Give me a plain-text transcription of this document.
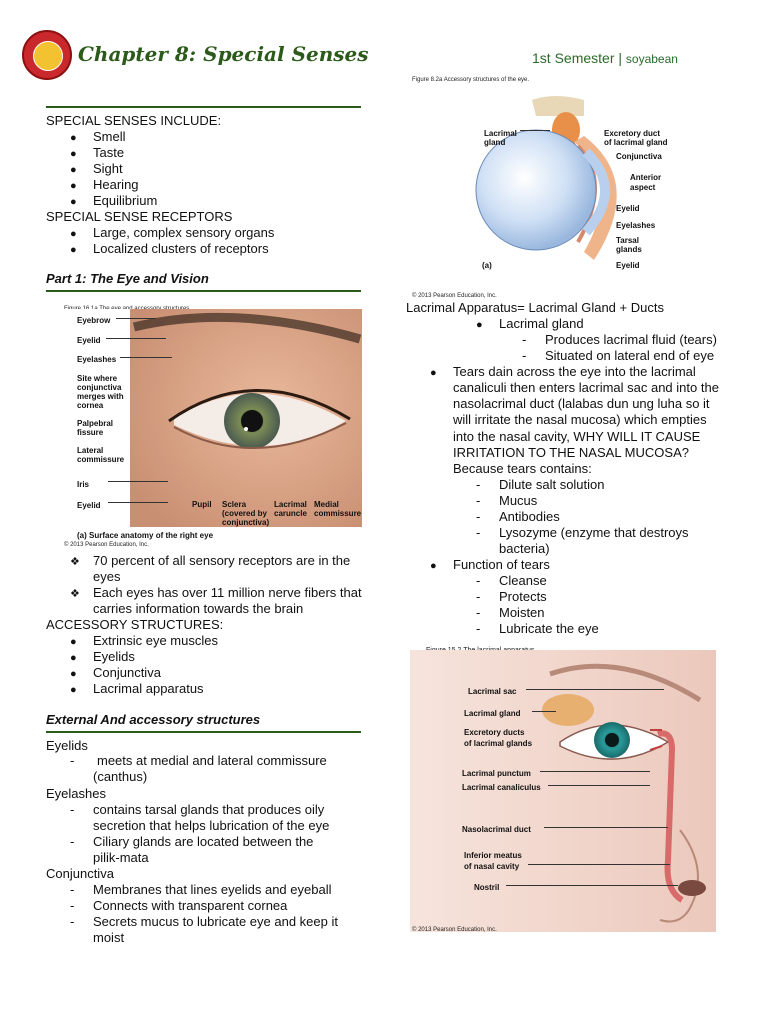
Chapter 8: Special Senses	1st Semester | soyabean
SPECIAL SENSES INCLUDE:
● Smell
● Taste
● Sight
● Hearing
● Equilibrium
SPECIAL SENSE RECEPTORS
● Large, complex sensory organs
● Localized clusters of receptors
Part 1: The Eye and Vision
Eyebrow
Eyelid
Eyelashes
Site where
conjunctiva
merges with
cornea
Palpebral
fissure
Lateral
commissure
Iris
Eyelid	Pupil Sclera
(covered by
conjunctiva)
Lacrimal
caruncle
Medial
commissure
(a) Surface anatomy of the right eye
© 2013 Pearson Education, Inc.
❖ 70 percent of all sensory receptors are in the
eyes
❖ Each eyes has over 11 million nerve fibers that
carries information towards the brain
ACCESSORY STRUCTURES:
● Extrinsic eye muscles
● Eyelids
● Conjunctiva
● Lacrimal apparatus
External And accessory structures
Eyelids
- meets at medial and lateral commissure
(canthus)
Eyelashes
- contains tarsal glands that produces oily
secretion that helps lubrication of the eye
- Ciliary glands are located between the
pilik-mata
Conjunctiva
- Membranes that lines eyelids and eyeball
- Connects with transparent cornea
- Secrets mucus to lubricate eye and keep it
moist
Figure 8.2a Accessory structures of the eye.
Lacrimal
gland
Excretory duct
of lacrimal gland
Conjunctiva
Anterior
aspect
Eyelid
Eyelashes
Tarsal
glands
Eyelid
(a)
© 2013 Pearson Education, Inc.
Lacrimal Apparatus= Lacrimal Gland + Ducts
● Lacrimal gland
- Produces lacrimal fluid (tears)
- Situated on lateral end of eye
● Tears dain across the eye into the lacrimal
canaliculi then enters lacrimal sac and into the
nasolacrimal duct (lalabas dun ung luha so it
will irritate the nasal mucosa) which empties
into the nasal cavity, WHY WILL IT CAUSE
IRRITATION TO THE NASAL MUCOSA?
Because tears contains:
- Dilute salt solution
- Mucus
- Antibodies
- Lysozyme (enzyme that destroys
bacteria)
● Function of tears
- Cleanse
- Protects
- Moisten
- Lubricate the eye
Lacrimal sac
Lacrimal gland
Excretory ducts
of lacrimal glands
Lacrimal punctum
Lacrimal canaliculus
Nasolacrimal duct
Inferior meatus
of nasal cavity
Nostril
© 2013 Pearson Education, Inc.
